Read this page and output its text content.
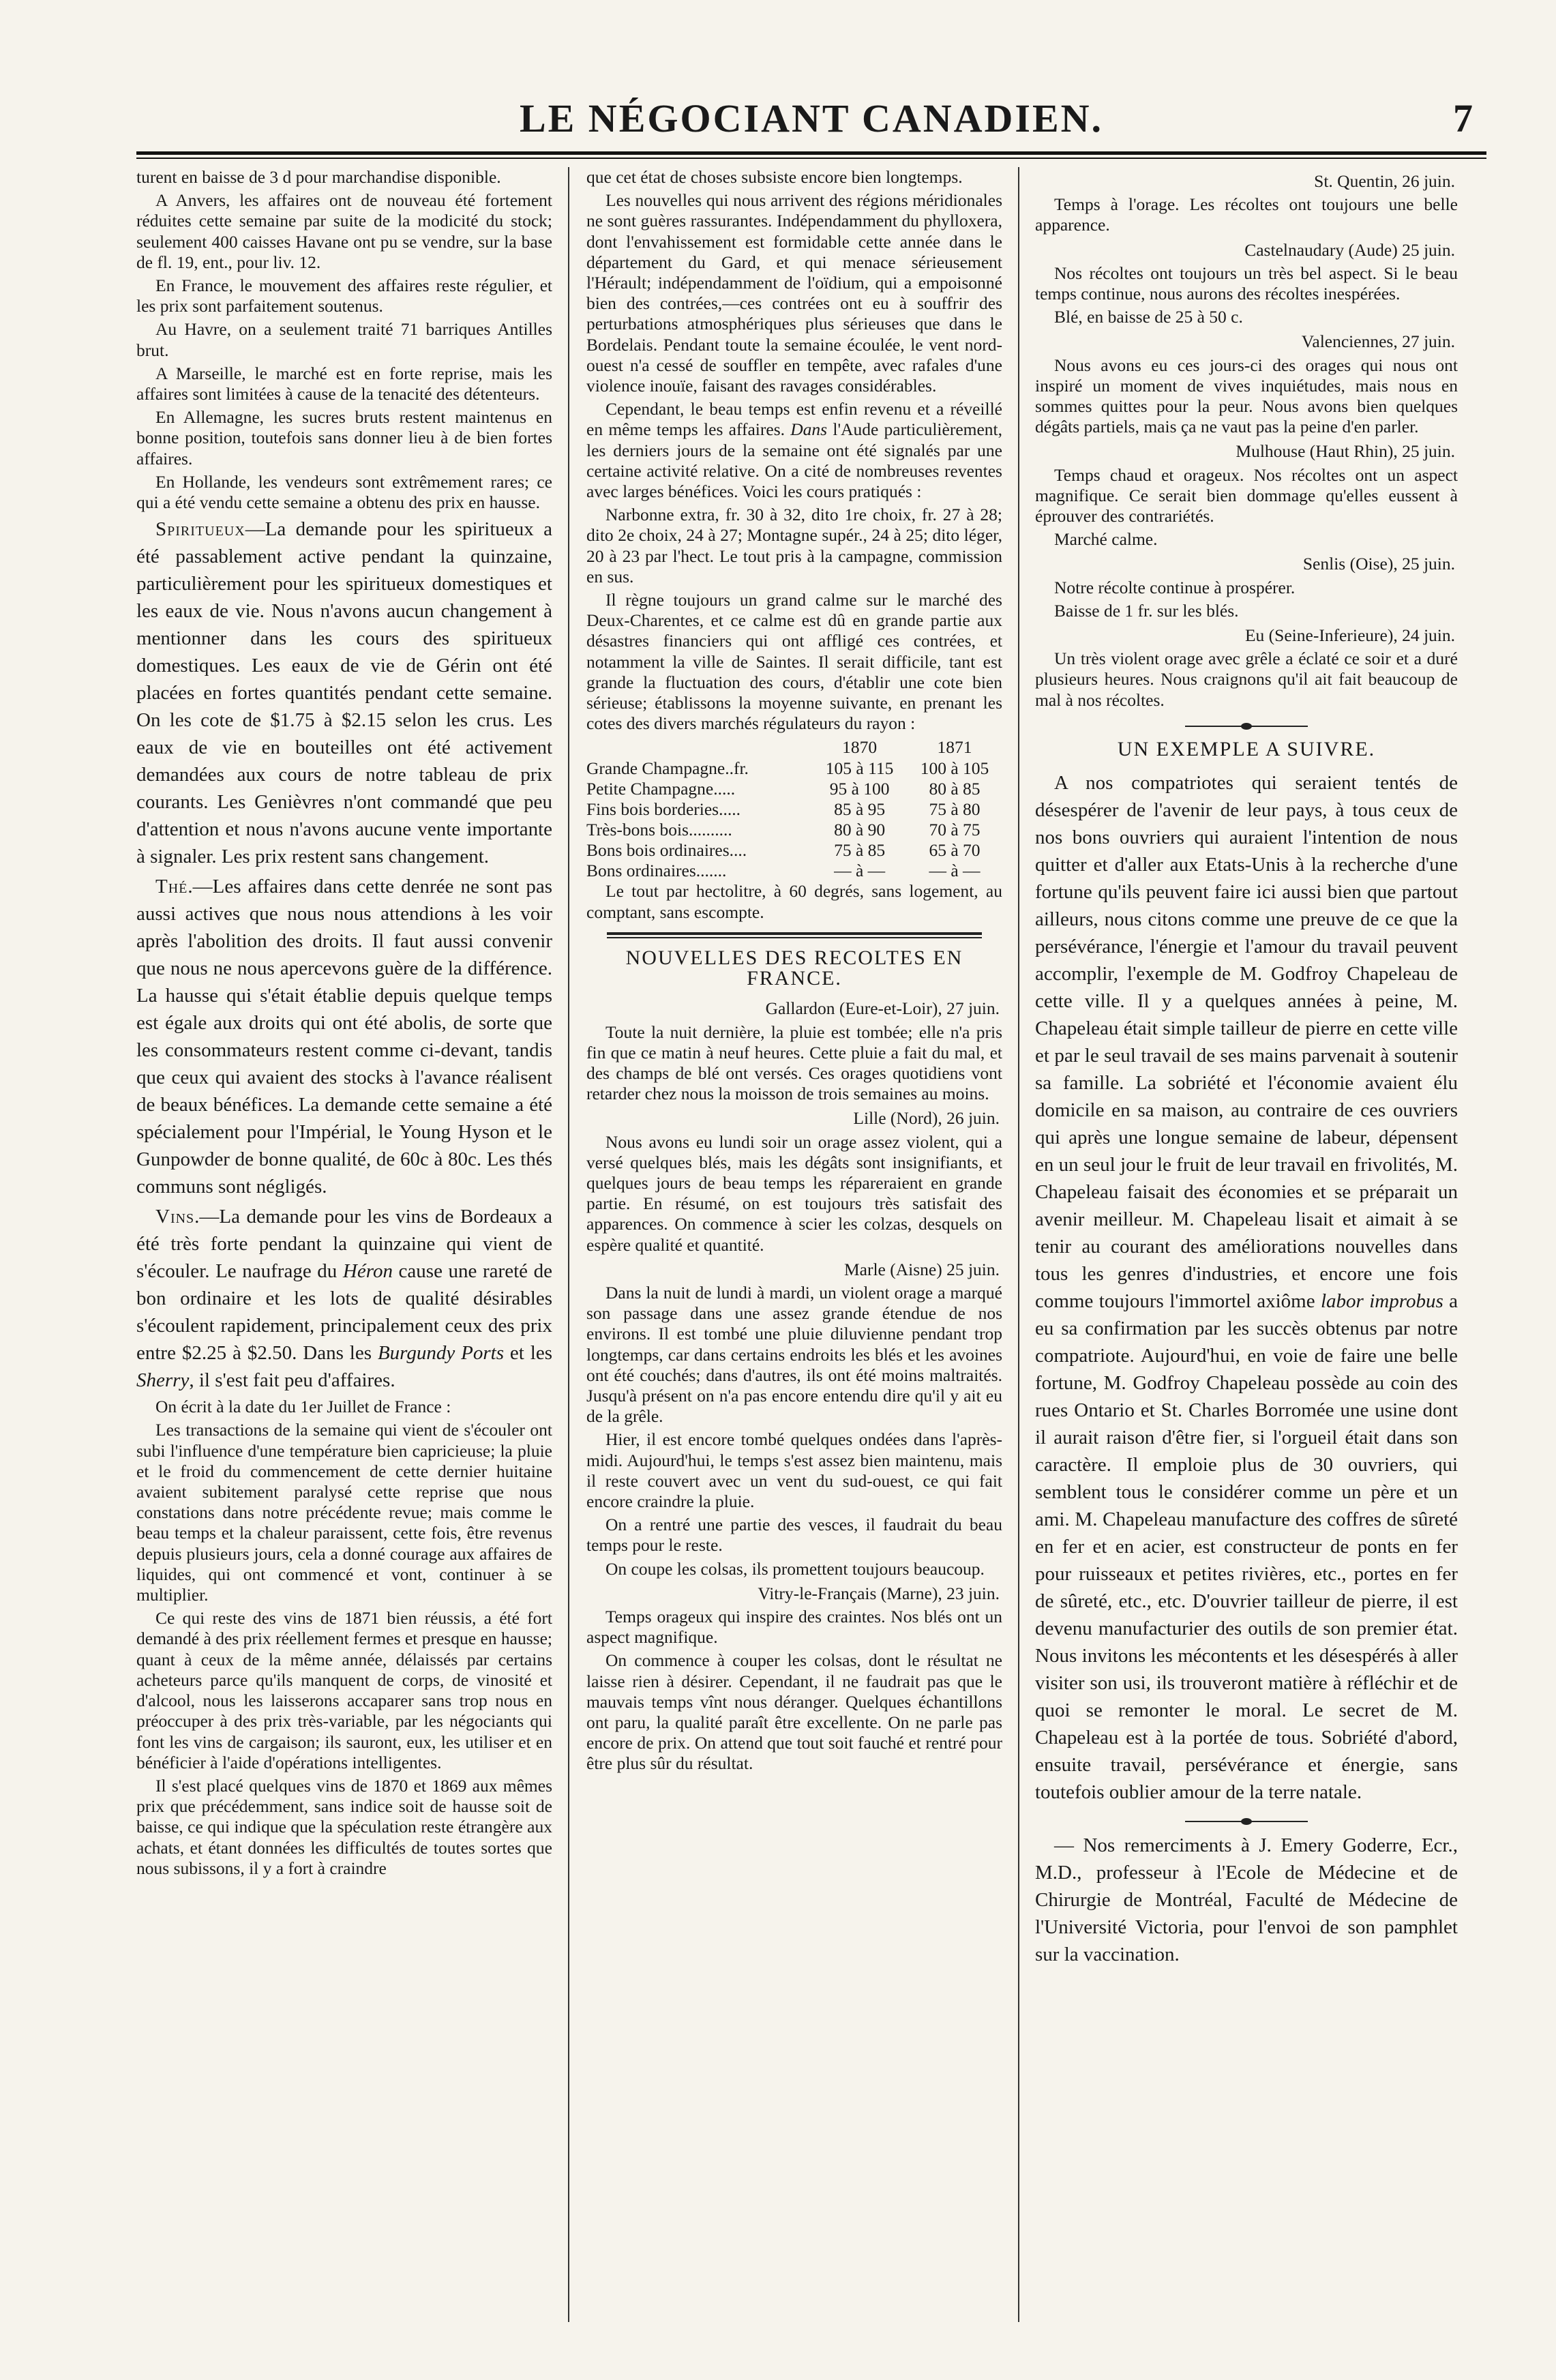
LE NÉGOCIANT CANADIEN.	7

turent en baisse de 3 d pour marchandise disponible.

A Anvers, les affaires ont de nouveau été fortement réduites cette semaine par suite de la modicité du stock; seulement 400 caisses Havane ont pu se vendre, sur la base de fl. 19, ent., pour liv. 12.

En France, le mouvement des affaires reste régulier, et les prix sont parfaitement soutenus.

Au Havre, on a seulement traité 71 barriques Antilles brut.

A Marseille, le marché est en forte reprise, mais les affaires sont limitées à cause de la tenacité des détenteurs.

En Allemagne, les sucres bruts restent maintenus en bonne position, toutefois sans donner lieu à de bien fortes affaires.

En Hollande, les vendeurs sont extrêmement rares; ce qui a été vendu cette semaine a obtenu des prix en hausse.

Spiritueux—La demande pour les spiritueux a été passablement active pendant la quinzaine, particulièrement pour les spiritueux domestiques et les eaux de vie. Nous n'avons aucun changement à mentionner dans les cours des spiritueux domestiques. Les eaux de vie de Gérin ont été placées en fortes quantités pendant cette semaine. On les cote de $1.75 à $2.15 selon les crus. Les eaux de vie en bouteilles ont été activement demandées aux cours de notre tableau de prix courants. Les Genièvres n'ont commandé que peu d'attention et nous n'avons aucune vente importante à signaler. Les prix restent sans changement.

Thé.—Les affaires dans cette denrée ne sont pas aussi actives que nous nous attendions à les voir après l'abolition des droits. Il faut aussi convenir que nous ne nous apercevons guère de la différence. La hausse qui s'était établie depuis quelque temps est égale aux droits qui ont été abolis, de sorte que les consommateurs restent comme ci-devant, tandis que ceux qui avaient des stocks à l'avance réalisent de beaux bénéfices. La demande cette semaine a été spécialement pour l'Impérial, le Young Hyson et le Gunpowder de bonne qualité, de 60c à 80c. Les thés communs sont négligés.

Vins.—La demande pour les vins de Bordeaux a été très forte pendant la quinzaine qui vient de s'écouler. Le naufrage du Héron cause une rareté de bon ordinaire et les lots de qualité désirables s'écoulent rapidement, principalement ceux des prix entre $2.25 à $2.50. Dans les Burgundy Ports et les Sherry, il s'est fait peu d'affaires.

On écrit à la date du 1er Juillet de France :

Les transactions de la semaine qui vient de s'écouler ont subi l'influence d'une température bien capricieuse; la pluie et le froid du commencement de cette dernier huitaine avaient subitement paralysé cette reprise que nous constations dans notre précédente revue; mais comme le beau temps et la chaleur paraissent, cette fois, être revenus depuis plusieurs jours, cela a donné courage aux affaires de liquides, qui ont commencé et vont, continuer à se multiplier.

Ce qui reste des vins de 1871 bien réussis, a été fort demandé à des prix réellement fermes et presque en hausse; quant à ceux de la même année, délaissés par certains acheteurs parce qu'ils manquent de corps, de vinosité et d'alcool, nous les laisserons accaparer sans trop nous en préoccuper à des prix très-variable, par les négociants qui font les vins de cargaison; ils sauront, eux, les utiliser et en bénéficier à l'aide d'opérations intelligentes.

Il s'est placé quelques vins de 1870 et 1869 aux mêmes prix que précédemment, sans indice soit de hausse soit de baisse, ce qui indique que la spéculation reste étrangère aux achats, et étant données les difficultés de toutes sortes que nous subissons, il y a fort à craindre

que cet état de choses subsiste encore bien longtemps.

Les nouvelles qui nous arrivent des régions méridionales ne sont guères rassurantes. Indépendamment du phylloxera, dont l'envahissement est formidable cette année dans le département du Gard, et qui menace sérieusement l'Hérault; indépendamment de l'oïdium, qui a empoisonné bien des contrées,—ces contrées ont eu à souffrir des perturbations atmosphériques plus sérieuses que dans le Bordelais. Pendant toute la semaine écoulée, le vent nord-ouest n'a cessé de souffler en tempête, avec rafales d'une violence inouïe, faisant des ravages considérables.

Cependant, le beau temps est enfin revenu et a réveillé en même temps les affaires. Dans l'Aude particulièrement, les derniers jours de la semaine ont été signalés par une certaine activité relative. On a cité de nombreuses reventes avec larges bénéfices. Voici les cours pratiqués :

Narbonne extra, fr. 30 à 32, dito 1re choix, fr. 27 à 28; dito 2e choix, 24 à 27; Montagne supér., 24 à 25; dito léger, 20 à 23 par l'hect. Le tout pris à la campagne, commission en sus.

Il règne toujours un grand calme sur le marché des Deux-Charentes, et ce calme est dû en grande partie aux désastres financiers qui ont affligé ces contrées, et notamment la ville de Saintes. Il serait difficile, tant est grande la fluctuation des cours, d'établir une cote bien sérieuse; établissons la moyenne suivante, en prenant les cotes des divers marchés régulateurs du rayon :

	1870	1871
Grande Champagne..fr.	105 à 115	100 à 105
Petite Champagne.....	95 à 100	80 à 85
Fins bois borderies.....	85 à 95	75 à 80
Très-bons bois..........	80 à 90	70 à 75
Bons bois ordinaires....	75 à 85	65 à 70
Bons ordinaires.......	— à —	— à —

Le tout par hectolitre, à 60 degrés, sans logement, au comptant, sans escompte.

NOUVELLES DES RECOLTES EN FRANCE.

Gallardon (Eure-et-Loir), 27 juin.

Toute la nuit dernière, la pluie est tombée; elle n'a pris fin que ce matin à neuf heures. Cette pluie a fait du mal, et des champs de blé ont versés. Ces orages quotidiens vont retarder chez nous la moisson de trois semaines au moins.

Lille (Nord), 26 juin.

Nous avons eu lundi soir un orage assez violent, qui a versé quelques blés, mais les dégâts sont insignifiants, et quelques jours de beau temps les répareraient en grande partie. En résumé, on est toujours très satisfait des apparences. On commence à scier les colzas, desquels on espère qualité et quantité.

Marle (Aisne) 25 juin.

Dans la nuit de lundi à mardi, un violent orage a marqué son passage dans une assez grande étendue de nos environs. Il est tombé une pluie diluvienne pendant trop longtemps, car dans certains endroits les blés et les avoines ont été couchés; dans d'autres, ils ont été moins maltraités. Jusqu'à présent on n'a pas encore entendu dire qu'il y ait eu de la grêle.

Hier, il est encore tombé quelques ondées dans l'après-midi. Aujourd'hui, le temps s'est assez bien maintenu, mais il reste couvert avec un vent du sud-ouest, ce qui fait encore craindre la pluie.

On a rentré une partie des vesces, il faudrait du beau temps pour le reste.

On coupe les colsas, ils promettent toujours beaucoup.

Vitry-le-Français (Marne), 23 juin.

Temps orageux qui inspire des craintes. Nos blés ont un aspect magnifique.

On commence à couper les colsas, dont le résultat ne laisse rien à désirer. Cependant, il ne faudrait pas que le mauvais temps vînt nous déranger. Quelques échantillons ont paru, la qualité paraît être excellente. On ne parle pas encore de prix. On attend que tout soit fauché et rentré pour être plus sûr du résultat.

St. Quentin, 26 juin.

Temps à l'orage. Les récoltes ont toujours une belle apparence.

Castelnaudary (Aude) 25 juin.

Nos récoltes ont toujours un très bel aspect. Si le beau temps continue, nous aurons des récoltes inespérées.

Blé, en baisse de 25 à 50 c.

Valenciennes, 27 juin.

Nous avons eu ces jours-ci des orages qui nous ont inspiré un moment de vives inquiétudes, mais nous en sommes quittes pour la peur. Nous avons bien quelques dégâts partiels, mais ça ne vaut pas la peine d'en parler.

Mulhouse (Haut Rhin), 25 juin.

Temps chaud et orageux. Nos récoltes ont un aspect magnifique. Ce serait bien dommage qu'elles eussent à éprouver des contrariétés.

Marché calme.

Senlis (Oise), 25 juin.

Notre récolte continue à prospérer.

Baisse de 1 fr. sur les blés.

Eu (Seine-Inferieure), 24 juin.

Un très violent orage avec grêle a éclaté ce soir et a duré plusieurs heures. Nous craignons qu'il ait fait beaucoup de mal à nos récoltes.

UN EXEMPLE A SUIVRE.

A nos compatriotes qui seraient tentés de désespérer de l'avenir de leur pays, à tous ceux de nos bons ouvriers qui auraient l'intention de nous quitter et d'aller aux Etats-Unis à la recherche d'une fortune qu'ils peuvent faire ici aussi bien que partout ailleurs, nous citons comme une preuve de ce que la persévérance, l'énergie et l'amour du travail peuvent accomplir, l'exemple de M. Godfroy Chapeleau de cette ville. Il y a quelques années à peine, M. Chapeleau était simple tailleur de pierre en cette ville et par le seul travail de ses mains parvenait à soutenir sa famille. La sobriété et l'économie avaient élu domicile en sa maison, au contraire de ces ouvriers qui après une longue semaine de labeur, dépensent en un seul jour le fruit de leur travail en frivolités, M. Chapeleau faisait des économies et se préparait un avenir meilleur. M. Chapeleau lisait et aimait à se tenir au courant des améliorations nouvelles dans tous les genres d'industries, et encore une fois comme toujours l'immortel axiôme labor improbus a eu sa confirmation par les succès obtenus par notre compatriote. Aujourd'hui, en voie de faire une belle fortune, M. Godfroy Chapeleau possède au coin des rues Ontario et St. Charles Borromée une usine dont il aurait raison d'être fier, si l'orgueil était dans son caractère. Il emploie plus de 30 ouvriers, qui semblent tous le considérer comme un père et un ami. M. Chapeleau manufacture des coffres de sûreté en fer et en acier, est constructeur de ponts en fer pour ruisseaux et petites rivières, etc., portes en fer de sûreté, etc., etc. D'ouvrier tailleur de pierre, il est devenu manufacturier des outils de son premier état. Nous invitons les mécontents et les désespérés à aller visiter son usi, ils trouveront matière à réfléchir et de quoi se remonter le moral. Le secret de M. Chapeleau est à la portée de tous. Sobriété d'abord, ensuite travail, persévérance et énergie, sans toutefois oublier amour de la terre natale.

— Nos remerciments à J. Emery Goderre, Ecr., M.D., professeur à l'Ecole de Médecine et de Chirurgie de Montréal, Faculté de Médecine de l'Université Victoria, pour l'envoi de son pamphlet sur la vaccination.
